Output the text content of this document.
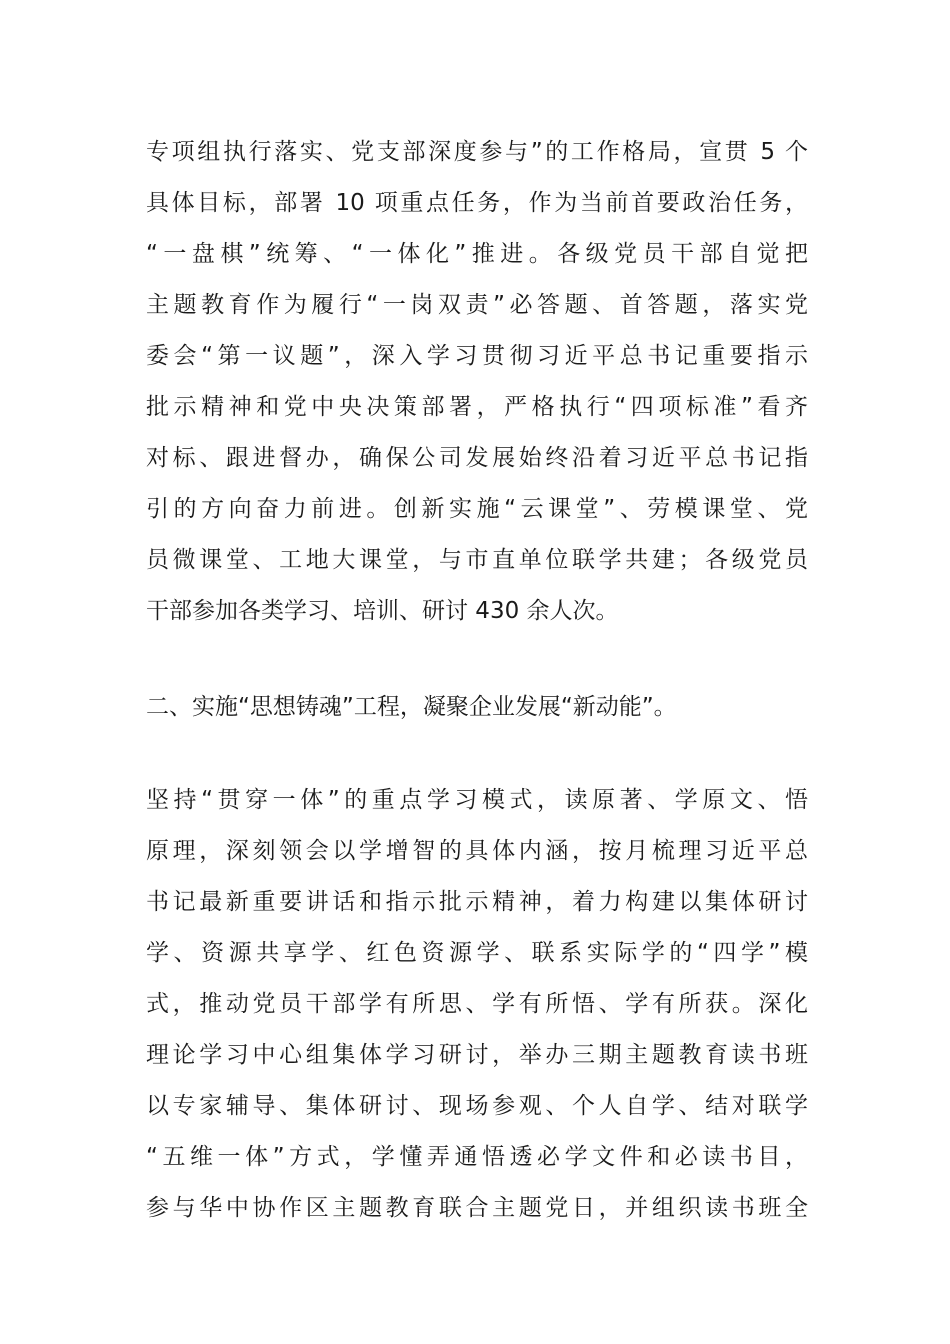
专项组执行落实、党支部深度参与”的工作格局，宣贯 5 个
具体目标，部署 10 项重点任务，作为当前首要政治任务，
“一盘棋”统筹、“一体化”推进。各级党员干部自觉把
主题教育作为履行“一岗双责”必答题、首答题，落实党
委会“第一议题”，深入学习贯彻习近平总书记重要指示
批示精神和党中央决策部署，严格执行“四项标准”看齐
对标、跟进督办，确保公司发展始终沿着习近平总书记指
引的方向奋力前进。创新实施“云课堂”、劳模课堂、党
员微课堂、工地大课堂，与市直单位联学共建；各级党员
干部参加各类学习、培训、研讨 430 余人次。
二、实施“思想铸魂”工程，凝聚企业发展“新动能”。
坚持“贯穿一体”的重点学习模式，读原著、学原文、悟
原理，深刻领会以学增智的具体内涵，按月梳理习近平总
书记最新重要讲话和指示批示精神，着力构建以集体研讨
学、资源共享学、红色资源学、联系实际学的“四学”模
式，推动党员干部学有所思、学有所悟、学有所获。深化
理论学习中心组集体学习研讨，举办三期主题教育读书班
以专家辅导、集体研讨、现场参观、个人自学、结对联学
“五维一体”方式，学懂弄通悟透必学文件和必读书目，
参与华中协作区主题教育联合主题党日，并组织读书班全
